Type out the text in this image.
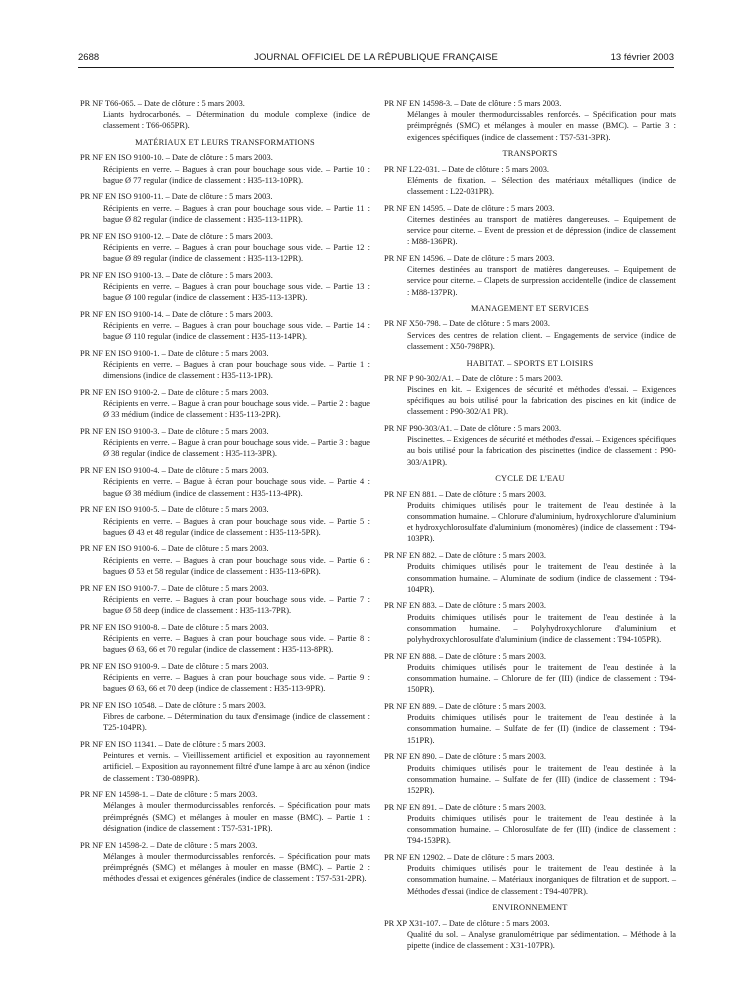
2688	JOURNAL OFFICIEL DE LA RÉPUBLIQUE FRANÇAISE	13 février 2003
PR NF T66-065. – Date de clôture : 5 mars 2003.
Liants hydrocarbonés. – Détermination du module complexe (indice de classement : T66-065PR).
MATÉRIAUX ET LEURS TRANSFORMATIONS
PR NF EN ISO 9100-10. – Date de clôture : 5 mars 2003.
Récipients en verre. – Bagues à cran pour bouchage sous vide. – Partie 10 : bague Ø 77 regular (indice de classement : H35-113-10PR).
PR NF EN ISO 9100-11. – Date de clôture : 5 mars 2003.
Récipients en verre. – Bagues à cran pour bouchage sous vide. – Partie 11 : bague Ø 82 regular (indice de classement : H35-113-11PR).
PR NF EN ISO 9100-12. – Date de clôture : 5 mars 2003.
Récipients en verre. – Bagues à cran pour bouchage sous vide. – Partie 12 : bague Ø 89 regular (indice de classement : H35-113-12PR).
PR NF EN ISO 9100-13. – Date de clôture : 5 mars 2003.
Récipients en verre. – Bagues à cran pour bouchage sous vide. – Partie 13 : bague Ø 100 regular (indice de classement : H35-113-13PR).
PR NF EN ISO 9100-14. – Date de clôture : 5 mars 2003.
Récipients en verre. – Bagues à cran pour bouchage sous vide. – Partie 14 : bague Ø 110 regular (indice de classement : H35-113-14PR).
PR NF EN ISO 9100-1. – Date de clôture : 5 mars 2003.
Récipients en verre. – Bagues à cran pour bouchage sous vide. – Partie 1 : dimensions (indice de classement : H35-113-1PR).
PR NF EN ISO 9100-2. – Date de clôture : 5 mars 2003.
Récipients en verre. – Bague à cran pour bouchage sous vide. – Partie 2 : bague Ø 33 médium (indice de classement : H35-113-2PR).
PR NF EN ISO 9100-3. – Date de clôture : 5 mars 2003.
Récipients en verre. – Bague à cran pour bouchage sous vide. – Partie 3 : bague Ø 38 regular (indice de classement : H35-113-3PR).
PR NF EN ISO 9100-4. – Date de clôture : 5 mars 2003.
Récipients en verre. – Bague à écran pour bouchage sous vide. – Partie 4 : bague Ø 38 médium (indice de classement : H35-113-4PR).
PR NF EN ISO 9100-5. – Date de clôture : 5 mars 2003.
Récipients en verre. – Bagues à cran pour bouchage sous vide. – Partie 5 : bagues Ø 43 et 48 regular (indice de classement : H35-113-5PR).
PR NF EN ISO 9100-6. – Date de clôture : 5 mars 2003.
Récipients en verre. – Bagues à cran pour bouchage sous vide. – Partie 6 : bagues Ø 53 et 58 regular (indice de classement : H35-113-6PR).
PR NF EN ISO 9100-7. – Date de clôture : 5 mars 2003.
Récipients en verre. – Bagues à cran pour bouchage sous vide. – Partie 7 : bague Ø 58 deep (indice de classement : H35-113-7PR).
PR NF EN ISO 9100-8. – Date de clôture : 5 mars 2003.
Récipients en verre. – Bagues à cran pour bouchage sous vide. – Partie 8 : bagues Ø 63, 66 et 70 regular (indice de classement : H35-113-8PR).
PR NF EN ISO 9100-9. – Date de clôture : 5 mars 2003.
Récipients en verre. – Bagues à cran pour bouchage sous vide. – Partie 9 : bagues Ø 63, 66 et 70 deep (indice de classement : H35-113-9PR).
PR NF EN ISO 10548. – Date de clôture : 5 mars 2003.
Fibres de carbone. – Détermination du taux d'ensimage (indice de classement : T25-104PR).
PR NF EN ISO 11341. – Date de clôture : 5 mars 2003.
Peintures et vernis. – Vieillissement artificiel et exposition au rayonnement artificiel. – Exposition au rayonnement filtré d'une lampe à arc au xénon (indice de classement : T30-089PR).
PR NF EN 14598-1. – Date de clôture : 5 mars 2003.
Mélanges à mouler thermodurcissables renforcés. – Spécification pour mats préimprégnés (SMC) et mélanges à mouler en masse (BMC). – Partie 1 : désignation (indice de classement : T57-531-1PR).
PR NF EN 14598-2. – Date de clôture : 5 mars 2003.
Mélanges à mouler thermodurcissables renforcés. – Spécification pour mats préimprégnés (SMC) et mélanges à mouler en masse (BMC). – Partie 2 : méthodes d'essai et exigences générales (indice de classement : T57-531-2PR).
PR NF EN 14598-3. – Date de clôture : 5 mars 2003.
Mélanges à mouler thermodurcissables renforcés. – Spécification pour mats préimprégnés (SMC) et mélanges à mouler en masse (BMC). – Partie 3 : exigences spécifiques (indice de classement : T57-531-3PR).
TRANSPORTS
PR NF L22-031. – Date de clôture : 5 mars 2003.
Eléments de fixation. – Sélection des matériaux métalliques (indice de classement : L22-031PR).
PR NF EN 14595. – Date de clôture : 5 mars 2003.
Citernes destinées au transport de matières dangereuses. – Equipement de service pour citerne. – Event de pression et de dépression (indice de classement : M88-136PR).
PR NF EN 14596. – Date de clôture : 5 mars 2003.
Citernes destinées au transport de matières dangereuses. – Equipement de service pour citerne. – Clapets de surpression accidentelle (indice de classement : M88-137PR).
MANAGEMENT ET SERVICES
PR NF X50-798. – Date de clôture : 5 mars 2003.
Services des centres de relation client. – Engagements de service (indice de classement : X50-798PR).
HABITAT. – SPORTS ET LOISIRS
PR NF P 90-302/A1. – Date de clôture : 5 mars 2003.
Piscines en kit. – Exigences de sécurité et méthodes d'essai. – Exigences spécifiques au bois utilisé pour la fabrication des piscines en kit (indice de classement : P90-302/A1 PR).
PR NF P90-303/A1. – Date de clôture : 5 mars 2003.
Piscinettes. – Exigences de sécurité et méthodes d'essai. – Exigences spécifiques au bois utilisé pour la fabrication des piscinettes (indice de classement : P90-303/A1PR).
CYCLE DE L'EAU
PR NF EN 881. – Date de clôture : 5 mars 2003.
Produits chimiques utilisés pour le traitement de l'eau destinée à la consommation humaine. – Chlorure d'aluminium, hydroxychlorure d'aluminium et hydroxychlorosulfate d'aluminium (monomères) (indice de classement : T94-103PR).
PR NF EN 882. – Date de clôture : 5 mars 2003.
Produits chimiques utilisés pour le traitement de l'eau destinée à la consommation humaine. – Aluminate de sodium (indice de classement : T94-104PR).
PR NF EN 883. – Date de clôture : 5 mars 2003.
Produits chimiques utilisés pour le traitement de l'eau destinée à la consommation humaine. – Polyhydroxychlorure d'aluminium et polyhydroxychlorosulfate d'aluminium (indice de classement : T94-105PR).
PR NF EN 888. – Date de clôture : 5 mars 2003.
Produits chimiques utilisés pour le traitement de l'eau destinée à la consommation humaine. – Chlorure de fer (III) (indice de classement : T94-150PR).
PR NF EN 889. – Date de clôture : 5 mars 2003.
Produits chimiques utilisés pour le traitement de l'eau destinée à la consommation humaine. – Sulfate de fer (II) (indice de classement : T94-151PR).
PR NF EN 890. – Date de clôture : 5 mars 2003.
Produits chimiques utilisés pour le traitement de l'eau destinée à la consommation humaine. – Sulfate de fer (III) (indice de classement : T94-152PR).
PR NF EN 891. – Date de clôture : 5 mars 2003.
Produits chimiques utilisés pour le traitement de l'eau destinée à la consommation humaine. – Chlorosulfate de fer (III) (indice de classement : T94-153PR).
PR NF EN 12902. – Date de clôture : 5 mars 2003.
Produits chimiques utilisés pour le traitement de l'eau destinée à la consommation humaine. – Matériaux inorganiques de filtration et de support. – Méthodes d'essai (indice de classement : T94-407PR).
ENVIRONNEMENT
PR XP X31-107. – Date de clôture : 5 mars 2003.
Qualité du sol. – Analyse granulométrique par sédimentation. – Méthode à la pipette (indice de classement : X31-107PR).
